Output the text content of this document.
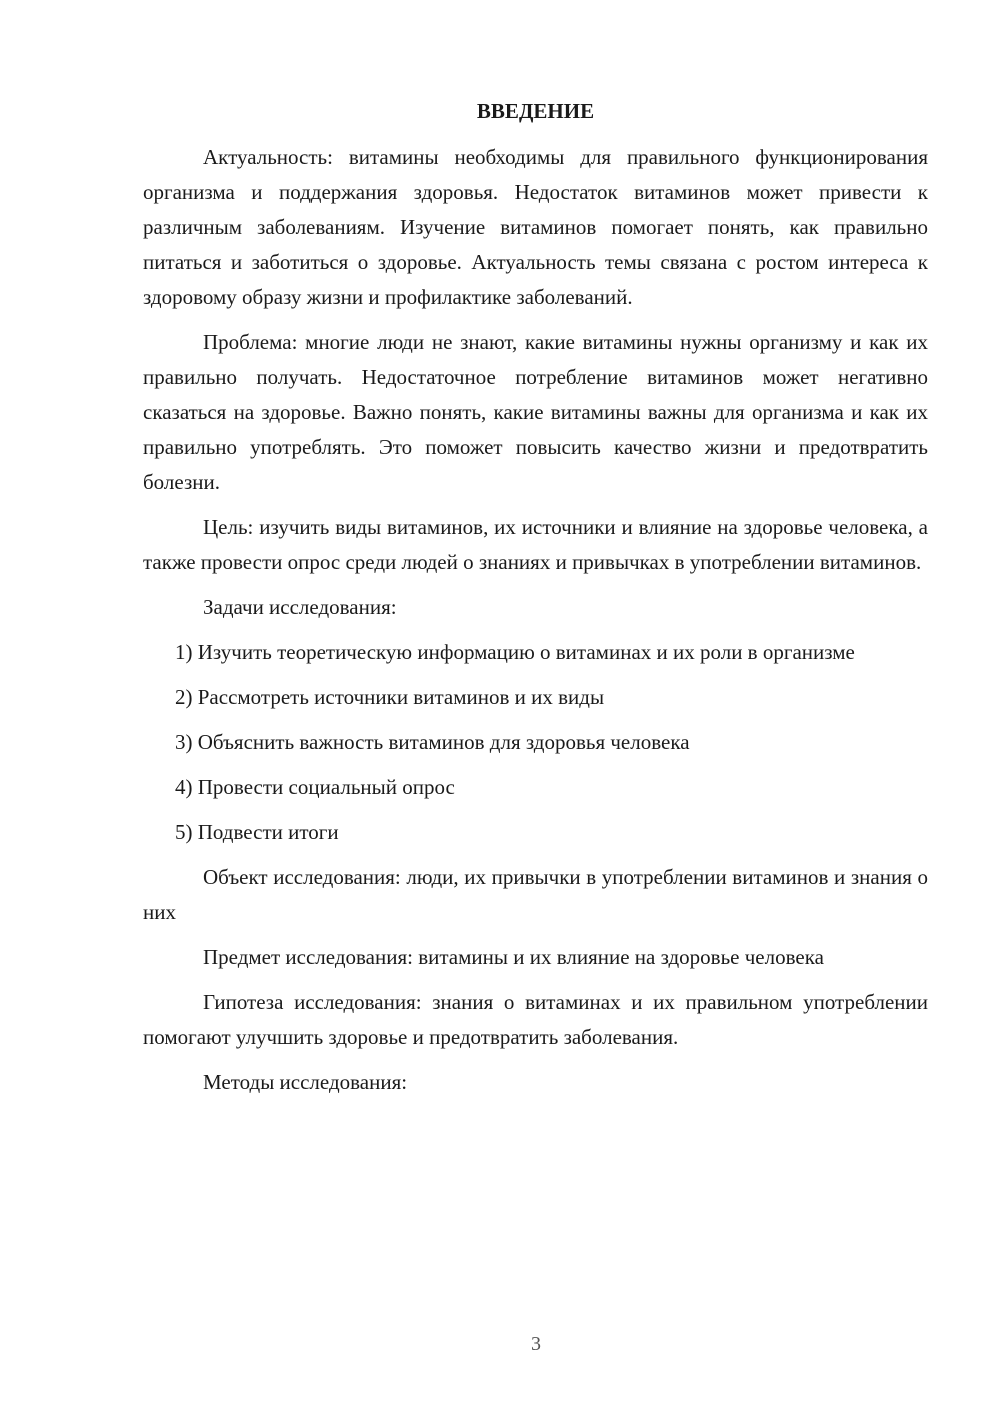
ВВЕДЕНИЕ

Актуальность: витамины необходимы для правильного функционирования организма и поддержания здоровья. Недостаток витаминов может привести к различным заболеваниям. Изучение витаминов помогает понять, как правильно питаться и заботиться о здоровье. Актуальность темы связана с ростом интереса к здоровому образу жизни и профилактике заболеваний.

Проблема: многие люди не знают, какие витамины нужны организму и как их правильно получать. Недостаточное потребление витаминов может негативно сказаться на здоровье. Важно понять, какие витамины важны для организма и как их правильно употреблять. Это поможет повысить качество жизни и предотвратить болезни.

Цель: изучить виды витаминов, их источники и влияние на здоровье человека, а также провести опрос среди людей о знаниях и привычках в употреблении витаминов.

Задачи исследования:

1) Изучить теоретическую информацию о витаминах и их роли в организме

2) Рассмотреть источники витаминов и их виды

3) Объяснить важность витаминов для здоровья человека

4) Провести социальный опрос

5) Подвести итоги

Объект исследования: люди, их привычки в употреблении витаминов и знания о них

Предмет исследования: витамины и их влияние на здоровье человека

Гипотеза исследования: знания о витаминах и их правильном употреблении помогают улучшить здоровье и предотвратить заболевания.

Методы исследования:

3
